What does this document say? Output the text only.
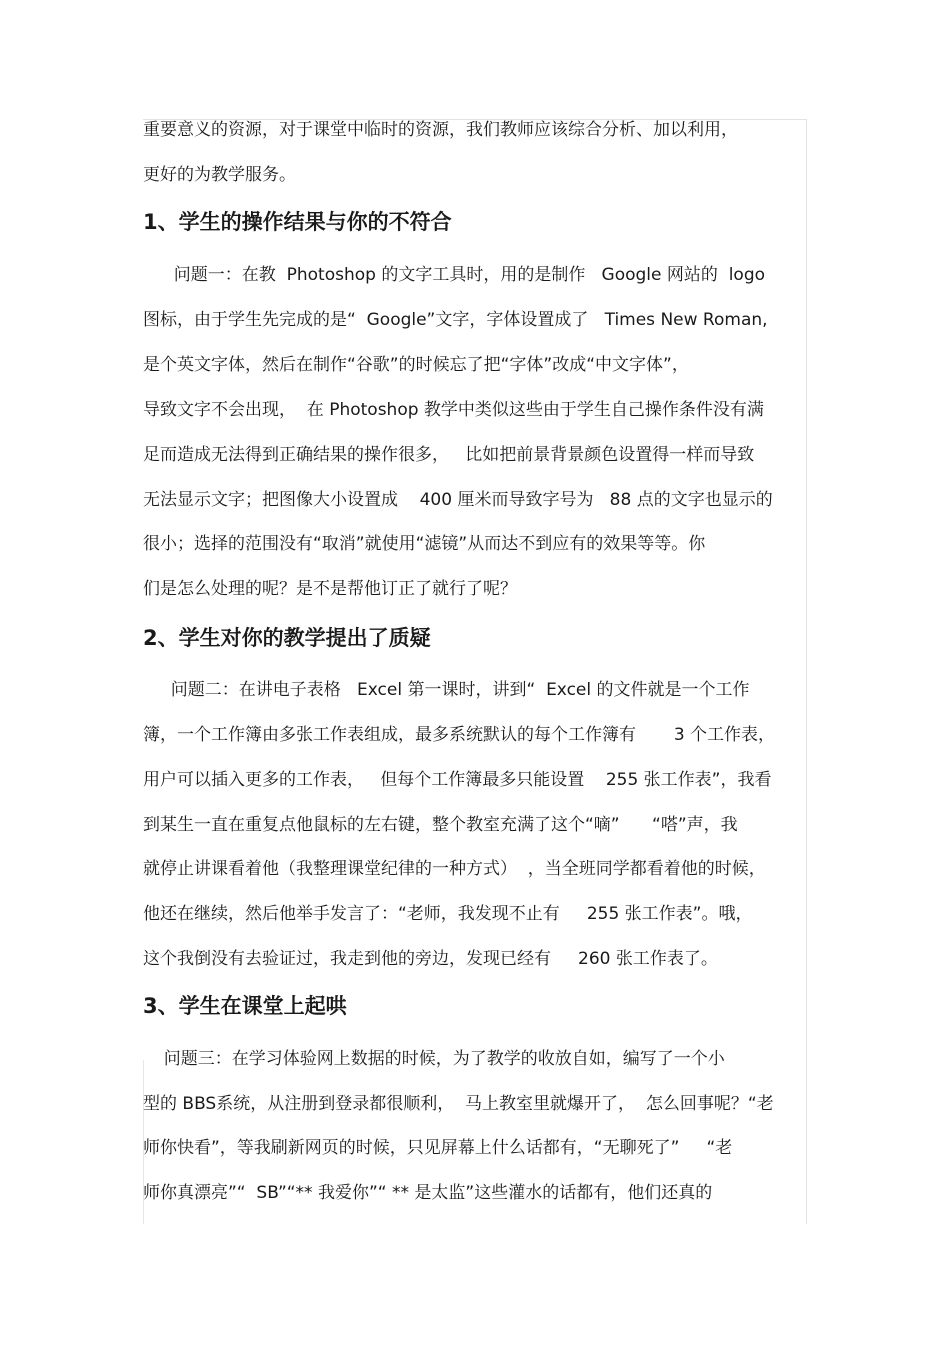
重要意义的资源，对于课堂中临时的资源，我们教师应该综合分析、加以利用，

更好的为教学服务。

1、学生的操作结果与你的不符合

问题一：在教  Photoshop 的文字工具时，用的是制作   Google 网站的  logo

图标，由于学生先完成的是“  Google”文字，字体设置成了   Times New Roman,

是个英文字体，然后在制作“谷歌”的时候忘了把“字体”改成“中文字体”，

导致文字不会出现，  在 Photoshop 教学中类似这些由于学生自己操作条件没有满

足而造成无法得到正确结果的操作很多，   比如把前景背景颜色设置得一样而导致

无法显示文字；把图像大小设置成    400 厘米而导致字号为   88 点的文字也显示的

很小；选择的范围没有“取消”就使用“滤镜”从而达不到应有的效果等等。你

们是怎么处理的呢？是不是帮他订正了就行了呢？

2、学生对你的教学提出了质疑

问题二：在讲电子表格   Excel 第一课时，讲到“  Excel 的文件就是一个工作

簿，一个工作簿由多张工作表组成，最多系统默认的每个工作簿有       3 个工作表，

用户可以插入更多的工作表，   但每个工作簿最多只能设置    255 张工作表”，我看

到某生一直在重复点他鼠标的左右键，整个教室充满了这个“嘀”      “嗒”声，我

就停止讲课看着他（我整理课堂纪律的一种方式）  ，当全班同学都看着他的时候，

他还在继续，然后他举手发言了：“老师，我发现不止有     255 张工作表”。哦，

这个我倒没有去验证过，我走到他的旁边，发现已经有     260 张工作表了。

3、学生在课堂上起哄

问题三：在学习体验网上数据的时候，为了教学的收放自如，编写了一个小

型的 BBS系统，从注册到登录都很顺利，  马上教室里就爆开了，  怎么回事呢？“老

师你快看”，等我刷新网页的时候，只见屏幕上什么话都有，“无聊死了”     “老

师你真漂亮”“  SB”“** 我爱你”“ ** 是太监”这些灌水的话都有，他们还真的
